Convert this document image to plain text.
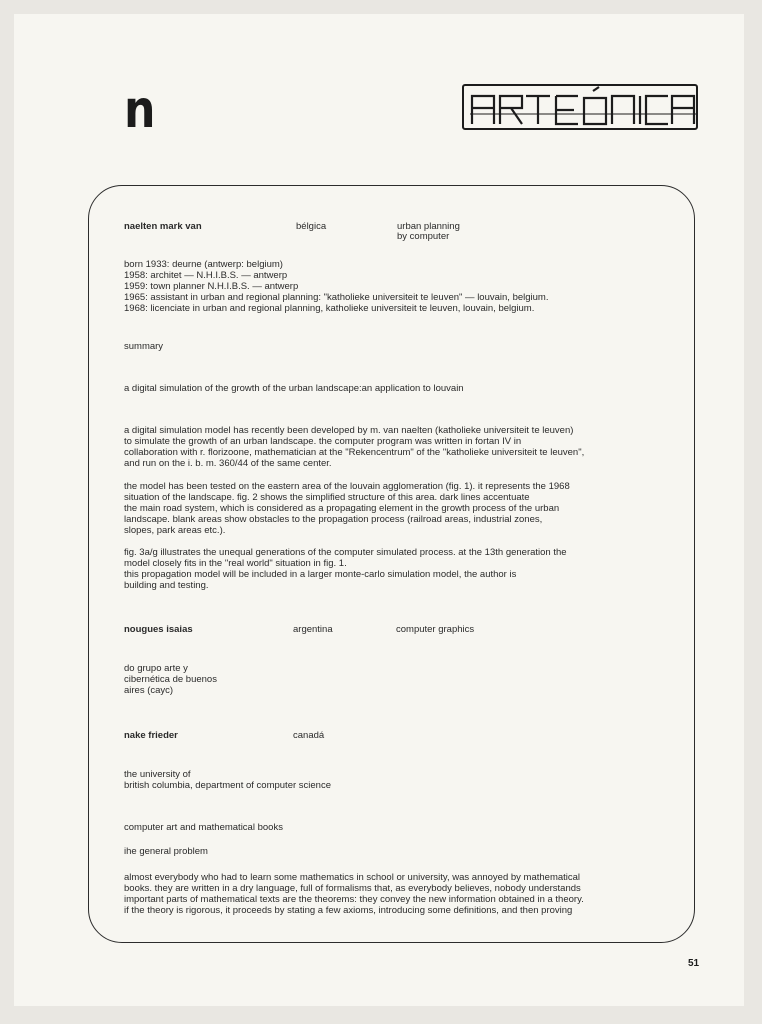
n
naelten mark van	bélgica	urban planning
by computer
born 1933: deurne (antwerp: belgium)
1958: architet — N.H.I.B.S. — antwerp
1959: town planner N.H.I.B.S. — antwerp
1965: assistant in urban and regional planning: "katholieke universiteit te leuven" — louvain, belgium.
1968: licenciate in urban and regional planning, katholieke universiteit te leuven, louvain, belgium.
summary
a digital simulation of the growth of the urban landscape:an application to louvain
a digital simulation model has recently been developed by m. van naelten (katholieke universiteit te leuven)
to simulate the growth of an urban landscape. the computer program was written in fortan IV in
collaboration with r. florizoone, mathematician at the "Rekencentrum" of the "katholieke universiteit te leuven",
and run on the i. b. m. 360/44 of the same center.
the model has been tested on the eastern area of the louvain agglomeration (fig. 1). it represents the 1968
situation of the landscape. fig. 2 shows the simplified structure of this area. dark lines accentuate
the main road system, which is considered as a propagating element in the growth process of the urban
landscape. blank areas show obstacles to the propagation process (railroad areas, industrial zones,
slopes, park areas etc.).
fig. 3a/g illustrates the unequal generations of the computer simulated process. at the 13th generation the
model closely fits in the "real world" situation in fig. 1.
this propagation model will be included in a larger monte-carlo simulation model, the author is
building and testing.
nougues isaias	argentina	computer graphics
do grupo arte y
cibernética de buenos
aires (cayc)
nake frieder	canadá
the university of
british columbia, department of computer science
computer art and mathematical books
ihe general problem
almost everybody who had to learn some mathematics in school or university, was annoyed by mathematical
books. they are written in a dry language, full of formalisms that, as everybody believes, nobody understands
important parts of mathematical texts are the theorems: they convey the new information obtained in a theory.
if the theory is rigorous, it proceeds by stating a few axioms, introducing some definitions, and then proving
51
